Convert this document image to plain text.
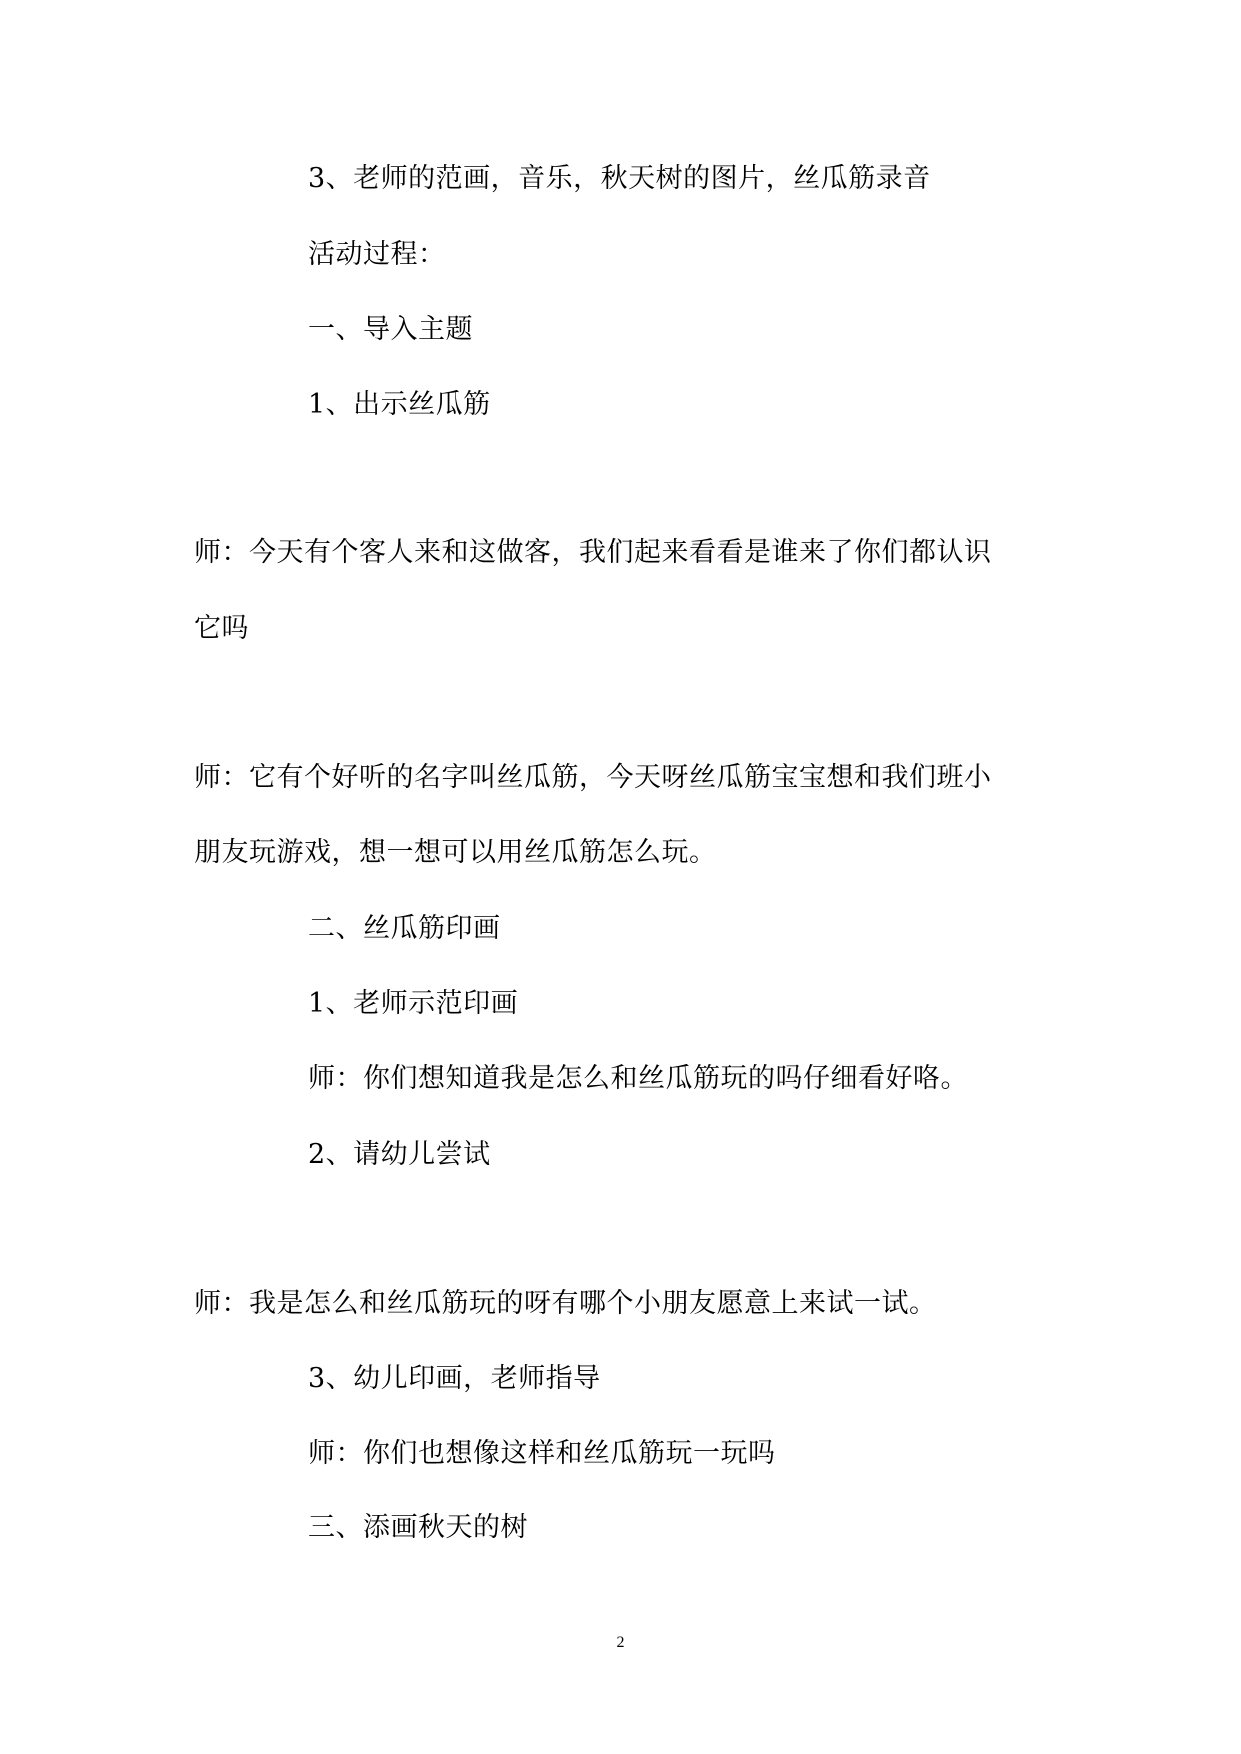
3、老师的范画，音乐，秋天树的图片，丝瓜筋录音
活动过程：
一、导入主题
1、出示丝瓜筋
师：今天有个客人来和这做客，我们起来看看是谁来了你们都认识
它吗
师：它有个好听的名字叫丝瓜筋，今天呀丝瓜筋宝宝想和我们班小
朋友玩游戏，想一想可以用丝瓜筋怎么玩。
二、丝瓜筋印画
1、老师示范印画
师：你们想知道我是怎么和丝瓜筋玩的吗仔细看好咯。
2、请幼儿尝试
师：我是怎么和丝瓜筋玩的呀有哪个小朋友愿意上来试一试。
3、幼儿印画，老师指导
师：你们也想像这样和丝瓜筋玩一玩吗
三、添画秋天的树
2
